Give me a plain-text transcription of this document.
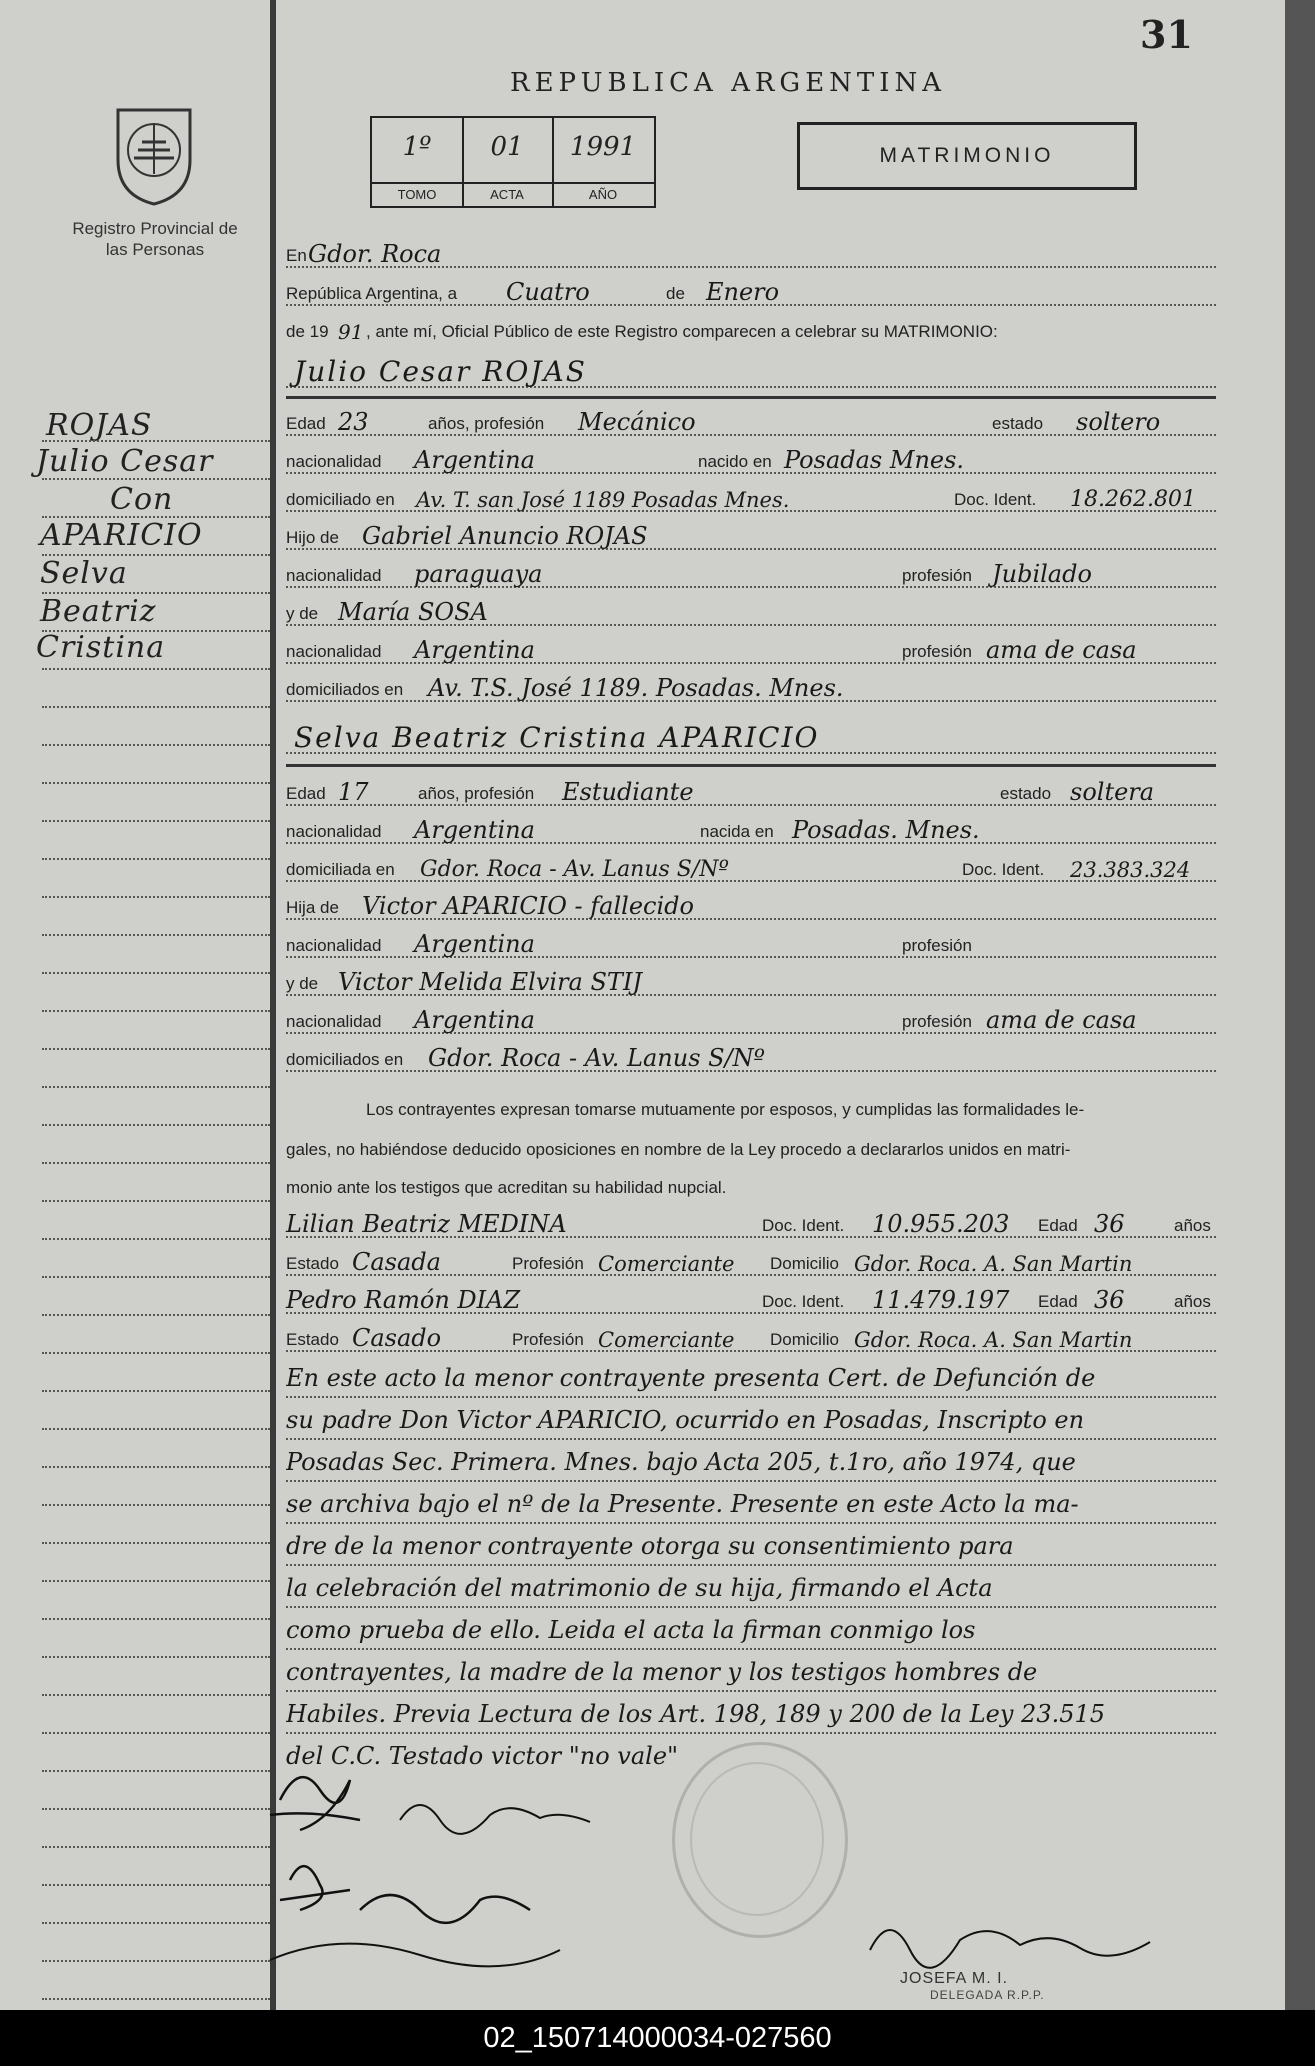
Registro Provincial de las Personas
ROJAS
Julio Cesar
Con
APARICIO
Selva
Beatriz
Cristina
31
REPUBLICA ARGENTINA
1º
TOMO
01
ACTA
1991
AÑO
MATRIMONIO
En Gdor. Roca
República Argentina, a Cuatro	de Enero
de 19 91 , ante mí, Oficial Público de este Registro comparecen a celebrar su MATRIMONIO:
Julio Cesar ROJAS
Edad 23	años, profesión Mecánico	estado soltero
nacionalidad Argentina	nacido en Posadas Mnes.
domiciliado en Av. T. san José 1189 Posadas Mnes.	Doc. Ident. 18.262.801
Hijo de Gabriel Anuncio ROJAS
nacionalidad paraguaya	profesión Jubilado
y de María SOSA
nacionalidad Argentina	profesión ama de casa
domiciliados en Av. T.S. José 1189. Posadas. Mnes.
Selva Beatriz Cristina APARICIO
Edad 17	años, profesión Estudiante	estado soltera
nacionalidad Argentina	nacida en Posadas. Mnes.
domiciliada en Gdor. Roca - Av. Lanus S/Nº	Doc. Ident. 23.383.324
Hija de Victor APARICIO - fallecido
nacionalidad Argentina	profesión
y de Victor Melida Elvira STIJ
nacionalidad Argentina	profesión ama de casa
domiciliados en Gdor. Roca - Av. Lanus S/Nº
Los contrayentes expresan tomarse mutuamente por esposos, y cumplidas las formalidades le-
gales, no habiéndose deducido oposiciones en nombre de la Ley procedo a declararlos unidos en matri-
monio ante los testigos que acreditan su habilidad nupcial.
Lilian Beatriz MEDINA	Doc. Ident. 10.955.203 Edad 36	años
Estado Casada	Profesión Comerciante Domicilio Gdor. Roca. A. San Martin
Pedro Ramón DIAZ	Doc. Ident. 11.479.197 Edad 36	años
Estado Casado	Profesión Comerciante Domicilio Gdor. Roca. A. San Martin
En este acto la menor contrayente presenta Cert. de Defunción de
su padre Don Victor APARICIO, ocurrido en Posadas, Inscripto en
Posadas Sec. Primera. Mnes. bajo Acta 205, t.1ro, año 1974, que
se archiva bajo el nº de la Presente. Presente en este Acto la ma-
dre de la menor contrayente otorga su consentimiento para
la celebración del matrimonio de su hija, firmando el Acta
como prueba de ello. Leida el acta la firman conmigo los
contrayentes, la madre de la menor y los testigos hombres de
Habiles. Previa Lectura de los Art. 198, 189 y 200 de la Ley 23.515
del C.C. Testado victor "no vale"
JOSEFA M. I.
DELEGADA R.P.P.
02_150714000034-027560
